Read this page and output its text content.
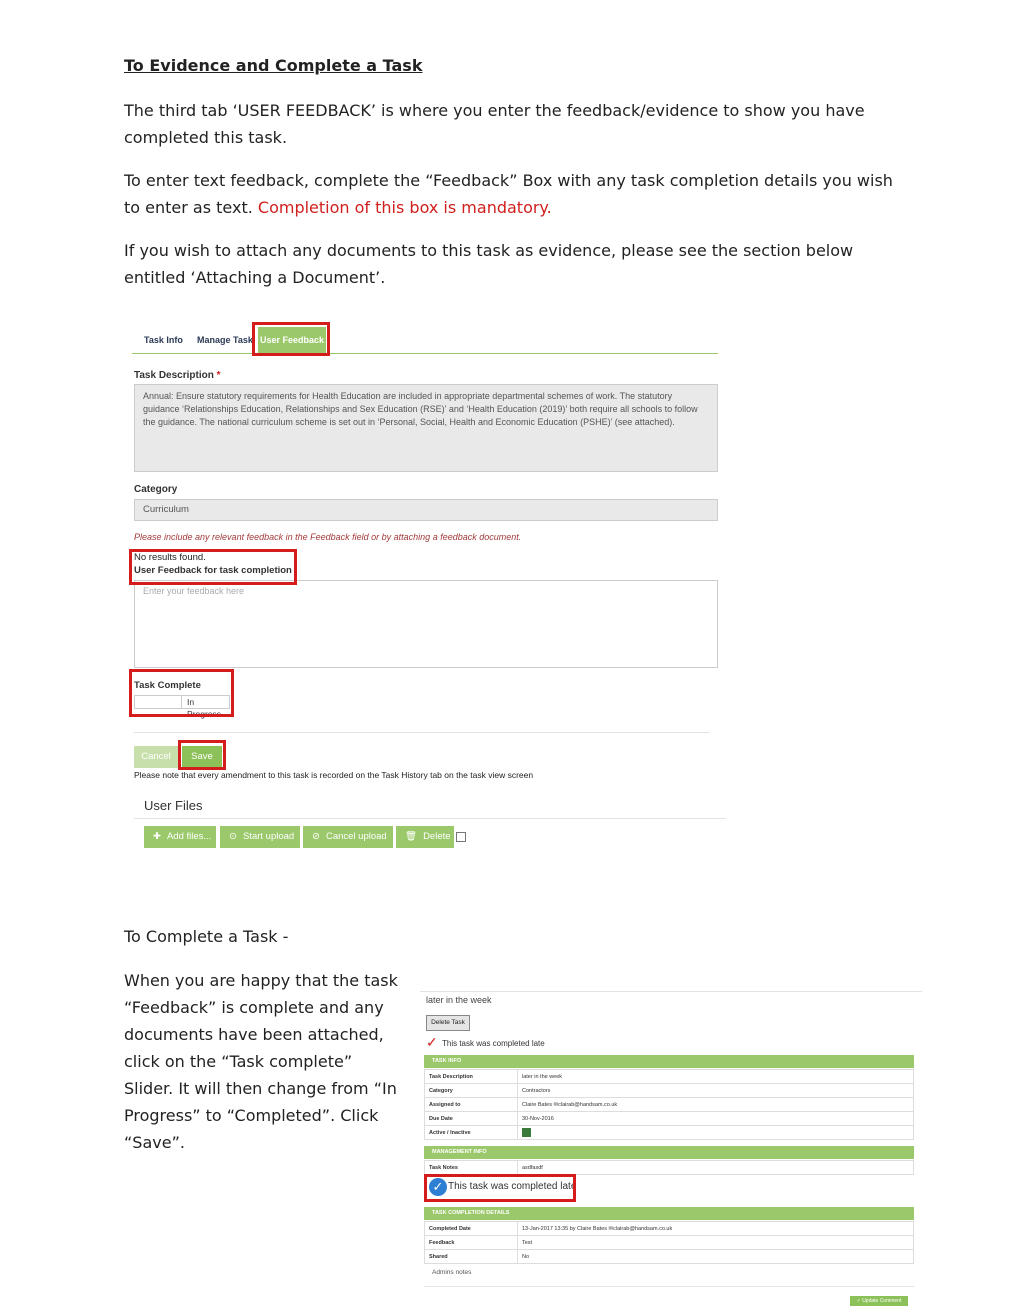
To Evidence and Complete a Task
The third tab ‘USER FEEDBACK’ is where you enter the feedback/evidence to show you have completed this task.
To enter text feedback, complete the “Feedback” Box with any task completion details you wish to enter as text. Completion of this box is mandatory.
If you wish to attach any documents to this task as evidence, please see the section below entitled ‘Attaching a Document’.
Task Info Manage Task User Feedback
Task Description *
Annual: Ensure statutory requirements for Health Education are included in appropriate departmental schemes of work. The statutory guidance ‘Relationships Education, Relationships and Sex Education (RSE)’ and ‘Health Education (2019)’ both require all schools to follow the guidance. The national curriculum scheme is set out in ‘Personal, Social, Health and Economic Education (PSHE)’ (see attached).
Category
Curriculum
Please include any relevant feedback in the Feedback field or by attaching a feedback document.
No results found.
User Feedback for task completion
Enter your feedback here
Task Complete
In Progress
Cancel	Save
Please note that every amendment to this task is recorded on the Task History tab on the task view screen
User Files
✚ Add files...	⊙ Start upload	⊘ Cancel upload	🗑 Delete
To Complete a Task -
When you are happy that the task “Feedback” is complete and any documents have been attached, click on the “Task complete” Slider. It will then change from “In Progress” to “Completed”. Click “Save”.
later in the week
Delete Task
✓ This task was completed late
TASK INFO
Task Description	later in the week
Category	Contractors
Assigned to	Claire Bates ✉clairab@handsam.co.uk
Due Date	30-Nov-2016
Active / Inactive	
MANAGEMENT INFO
Task Notes	asdfasdf
✓ This task was completed late
TASK COMPLETION DETAILS
Completed Date	13-Jan-2017 13:35 by Claire Bates ✉clairab@handsam.co.uk
Feedback	Test
Shared	No
Admins notes
✓ Update Comment
